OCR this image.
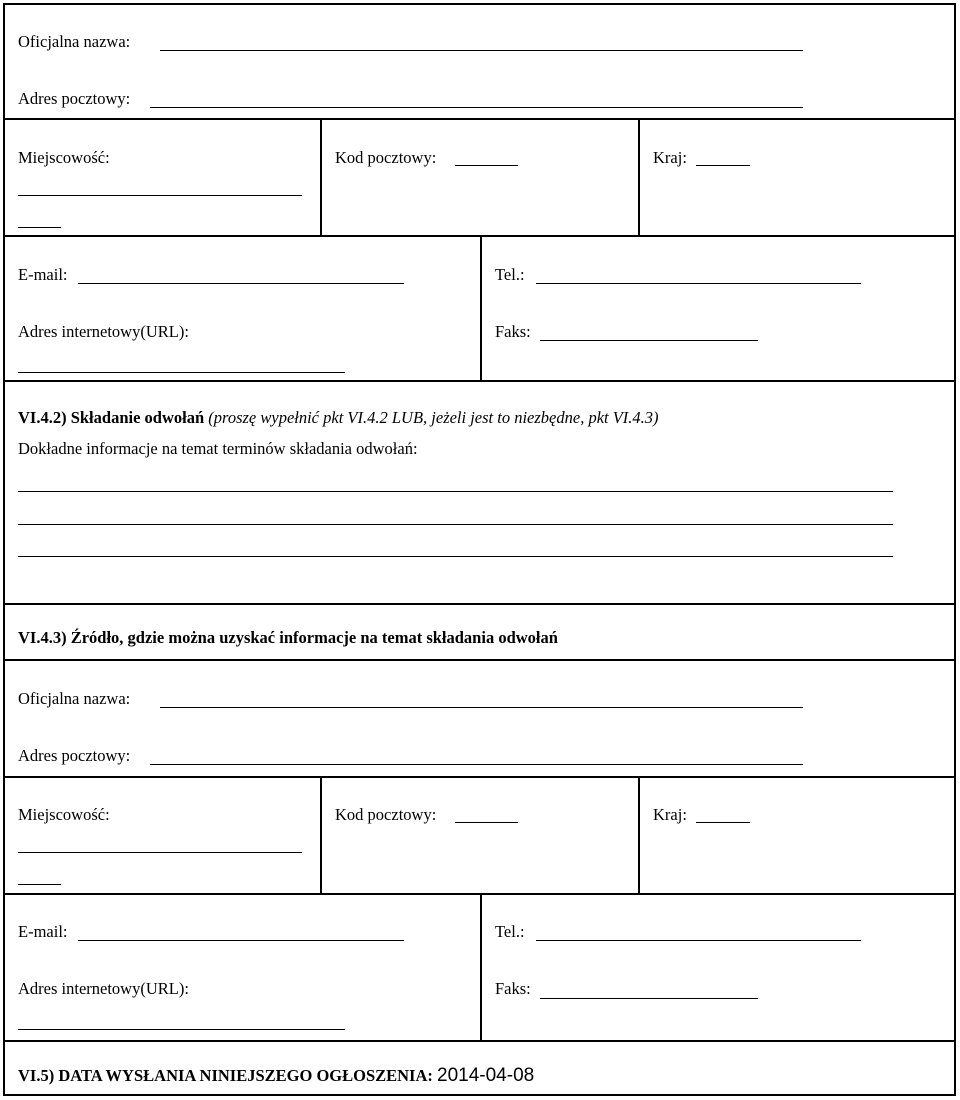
Oficjalna nazwa:
Adres pocztowy:
Miejscowość:	Kod pocztowy:	Kraj:
E-mail:	Tel.:
Adres internetowy(URL):	Faks:
VI.4.2) Składanie odwołań (proszę wypełnić pkt VI.4.2 LUB, jeżeli jest to niezbędne, pkt VI.4.3)
Dokładne informacje na temat terminów składania odwołań:
VI.4.3) Źródło, gdzie można uzyskać informacje na temat składania odwołań
Oficjalna nazwa:
Adres pocztowy:
Miejscowość:	Kod pocztowy:	Kraj:
E-mail:	Tel.:
Adres internetowy(URL):	Faks:
VI.5) DATA WYSŁANIA NINIEJSZEGO OGŁOSZENIA: 2014-04-08
